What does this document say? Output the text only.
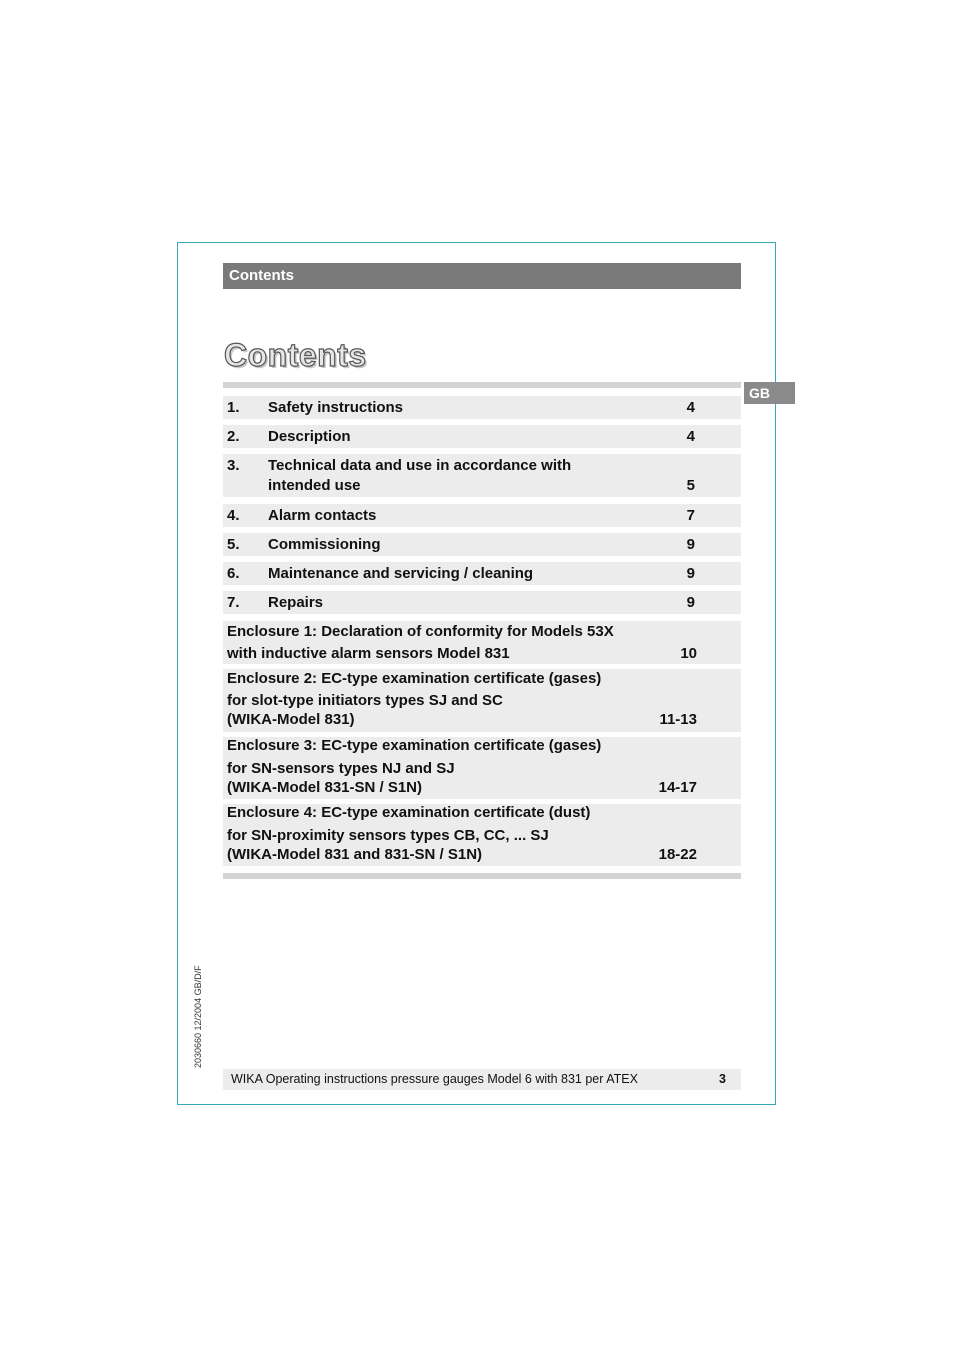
Contents
Contents
GB
1. Safety instructions	4
2. Description	4
3. Technical data and use in accordance with
intended use	5
4. Alarm contacts	7
5. Commissioning	9
6. Maintenance and servicing / cleaning	9
7. Repairs	9
Enclosure 1: Declaration of conformity for Models 53X
with inductive alarm sensors Model 831	10
Enclosure 2: EC-type examination certificate (gases)
for slot-type initiators types SJ and SC
(WIKA-Model 831)	11-13
Enclosure 3: EC-type examination certificate (gases)
for SN-sensors types NJ and SJ
(WIKA-Model 831-SN / S1N)	14-17
Enclosure 4: EC-type examination certificate (dust)
for SN-proximity sensors types CB, CC, ... SJ
(WIKA-Model 831 and 831-SN / S1N)	18-22
2030660 12/2004 GB/D/F
WIKA Operating instructions pressure gauges Model 6 with 831 per ATEX	3
